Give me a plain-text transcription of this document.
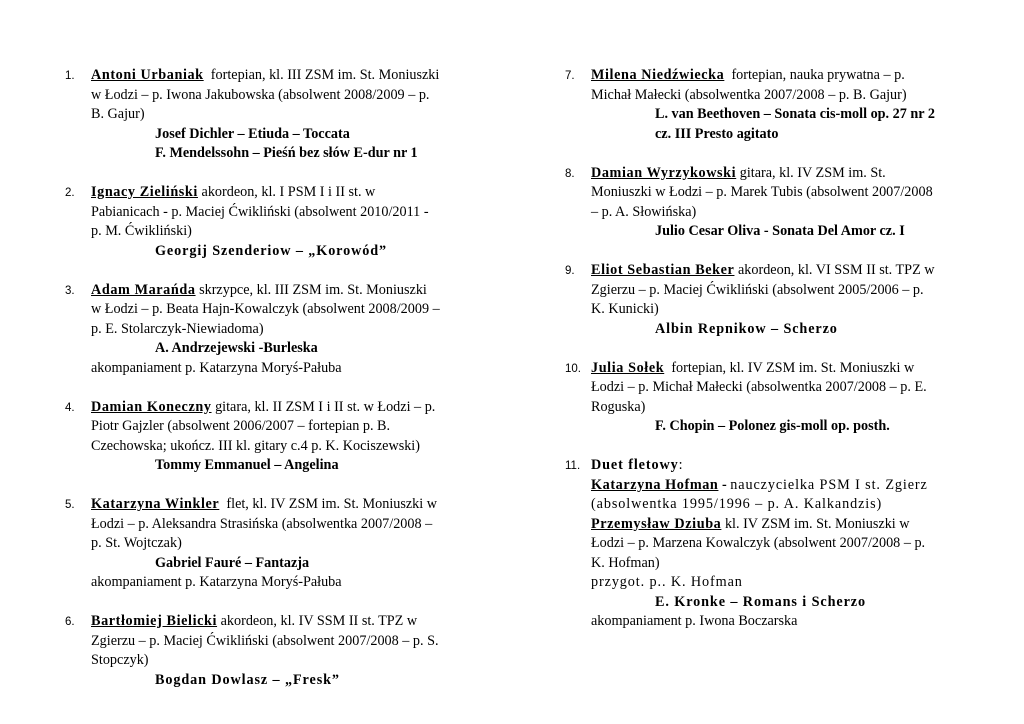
1. Antoni Urbaniak fortepian, kl. III ZSM im. St. Moniuszki w Łodzi – p. Iwona Jakubowska (absolwent 2008/2009 – p. B. Gajur)
Josef Dichler – Etiuda – Toccata
F. Mendelssohn – Pieśń bez słów E-dur nr 1
2. Ignacy Zieliński akordeon, kl. I PSM I i II st. w Pabianicach - p. Maciej Ćwikliński (absolwent 2010/2011 - p. M. Ćwikliński)
Georgij Szenderiow – „Korowód”
3. Adam Marańda skrzypce, kl. III ZSM im. St. Moniuszki w Łodzi – p. Beata Hajn-Kowalczyk (absolwent 2008/2009 – p. E. Stolarczyk-Niewiadoma)
A. Andrzejewski -Burleska
akompaniament p. Katarzyna Moryś-Pałuba
4. Damian Koneczny gitara, kl. II ZSM I i II st. w Łodzi – p. Piotr Gajzler (absolwent 2006/2007 – fortepian p. B. Czechowska; ukończ. III kl. gitary c.4 p. K. Kociszewski)
Tommy Emmanuel – Angelina
5. Katarzyna Winkler flet, kl. IV ZSM im. St. Moniuszki w Łodzi – p. Aleksandra Strasińska (absolwentka 2007/2008 – p. St. Wojtczak)
Gabriel Fauré – Fantazja
akompaniament p. Katarzyna Moryś-Pałuba
6. Bartłomiej Bielicki akordeon, kl. IV SSM II st. TPZ w Zgierzu – p. Maciej Ćwikliński (absolwent 2007/2008 – p. S. Stopczyk)
Bogdan Dowlasz – „Fresk”
7. Milena Niedźwiecka fortepian, nauka prywatna – p. Michał Małecki (absolwentka 2007/2008 – p. B. Gajur)
L. van Beethoven – Sonata cis-moll op. 27 nr 2
cz. III Presto agitato
8. Damian Wyrzykowski gitara, kl. IV ZSM im. St. Moniuszki w Łodzi – p. Marek Tubis (absolwent 2007/2008 – p. A. Słowińska)
Julio Cesar Oliva - Sonata Del Amor cz. I
9. Eliot Sebastian Beker akordeon, kl. VI SSM II st. TPZ w Zgierzu – p. Maciej Ćwikliński (absolwent 2005/2006 – p. K. Kunicki)
Albin Repnikow – Scherzo
10. Julia Sołek fortepian, kl. IV ZSM im. St. Moniuszki w Łodzi – p. Michał Małecki (absolwentka 2007/2008 – p. E. Roguska)
F. Chopin – Polonez gis-moll op. posth.
11. Duet fletowy:
Katarzyna Hofman - nauczycielka PSM I st. Zgierz (absolwentka 1995/1996 – p. A. Kalkandzis)
Przemysław Dziuba kl. IV ZSM im. St. Moniuszki w Łodzi – p. Marzena Kowalczyk (absolwent 2007/2008 – p. K. Hofman)
przygot. p.. K. Hofman
E. Kronke – Romans i Scherzo
akompaniament p. Iwona Boczarska
